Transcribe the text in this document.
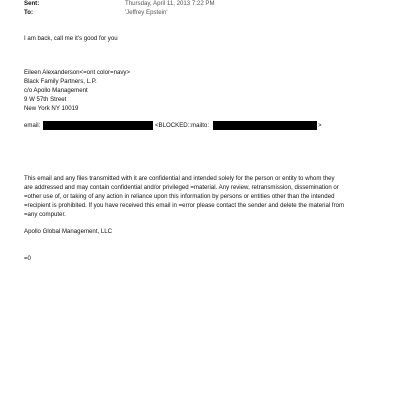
Sent:	Thursday, April 11, 2013 7:22 PM
To:	'Jeffrey Epstein'
I am back, call me it's good for you
Eileen Alexanderson<=ont color=navy>
Black Family Partners, L.P.
c/o Apollo Management
9 W 57th Street
New York NY 10019
email:	<BLOCKED::mailto:	>
This email and any files transmitted with it are confidential and intended solely for the person or entity to whom they
are addressed and may contain confidential and/or privileged =material. Any review, retransmission, dissemination or
=other use of, or taking of any action in reliance upon this information by persons or entities other than the intended
=recipient is prohibited. If you have received this email in =error please contact the sender and delete the material from
=any computer.
Apollo Global Management, LLC
=0
